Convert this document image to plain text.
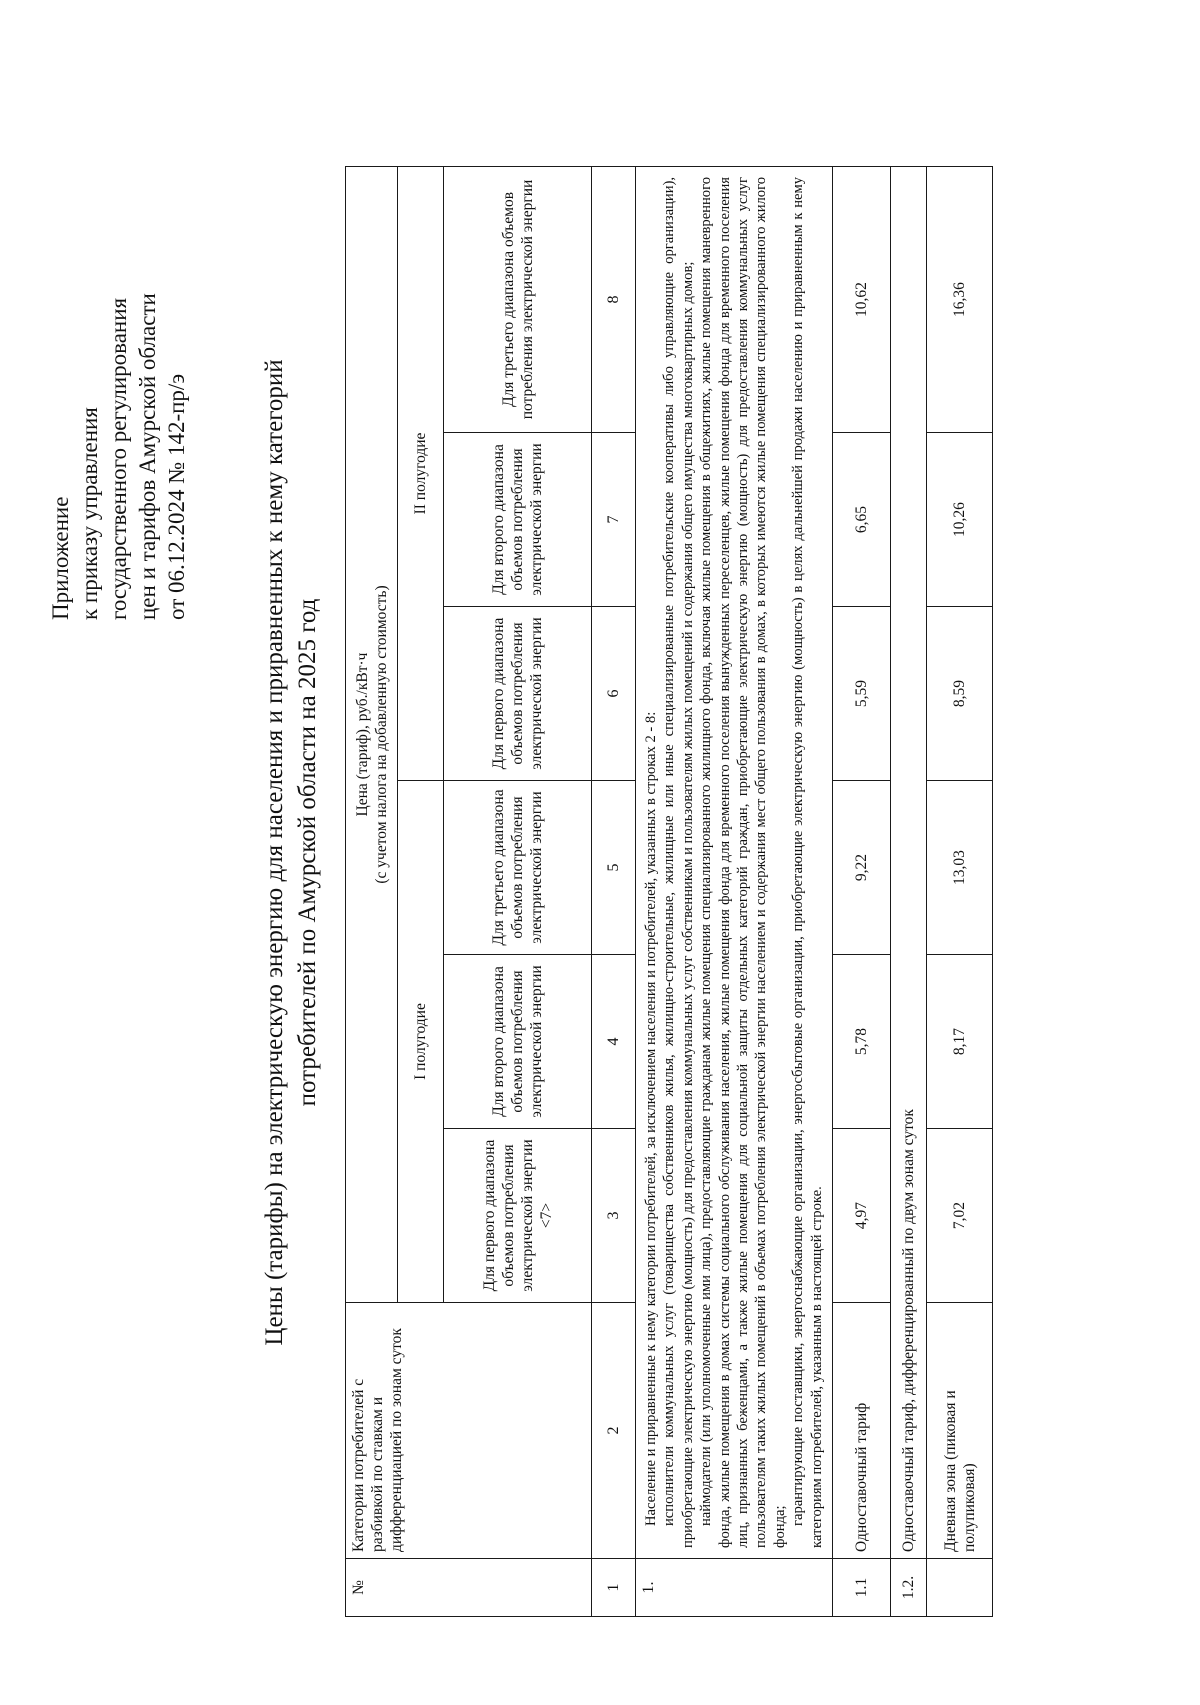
Приложение к приказу управления государственного регулирования цен и тарифов Амурской области от 06.12.2024 № 142-пр/э	Цены (тарифы) на электрическую энергию для населения и приравненных к нему категорий потребителей по Амурской области на 2025 год
№	Категории потребителей с разбивкой по ставкам и дифференциацией по зонам суток	Цена (тариф), руб./кВт·ч (с учетом налога на добавленную стоимость)					

		I полугодие			II полугодие		
		Для первого диапазона объемов потребления электрической энергии <7>	Для второго диапазона объемов потребления электрической энергии	Для третьего диапазона объемов потребления электрической энергии	Для первого диапазона объемов потребления электрической энергии	Для второго диапазона объемов потребления электрической энергии	Для третьего диапазона объемов потребления электрической энергии
1	2	3	4	5	6	7	8
1.	Население и приравненные к нему категории потребителей, за исключением населения и потребителей, указанных в строках 2 - 8: исполнители коммунальных услуг (товарищества собственников жилья, жилищно-строительные, жилищные или иные специализированные потребительские кооперативы либо управляющие организации), приобретающие электрическую энергию (мощность) для предоставления коммунальных услуг собственникам и пользователям жилых помещений и содержания общего имущества многоквартирных домов; наймодатели (или уполномоченные ими лица), предоставляющие гражданам жилые помещения специализированного жилищного фонда, включая жилые помещения в общежитиях, жилые помещения маневренного фонда, жилые помещения в домах системы социального обслуживания населения, жилые помещения фонда для временного поселения вынужденных переселенцев, жилые помещения фонда для временного поселения лиц, признанных беженцами, а также жилые помещения для социальной защиты отдельных категорий граждан, приобретающие электрическую энергию (мощность) для предоставления коммунальных услуг пользователям таких жилых помещений в объемах потребления электрической энергии населением и содержания мест общего пользования в домах, в которых имеются жилые помещения специализированного жилого фонда;

гарантирующие поставщики, энергоснабжающие организации, энергосбытовые организации, приобретающие электрическую энергию (мощность) в целях дальнейшей продажи населению и приравненным к нему категориям потребителей, указанным в настоящей строке.						

1.1	Одноставочный тариф	4,97	5,78	9,22	5,59	6,65	10,62
1.2.	Одноставочный тариф, дифференцированный по двум зонам суток						
	Дневная зона (пиковая и полупиковая)	7,02	8,17	13,03	8,59	10,26	16,36
